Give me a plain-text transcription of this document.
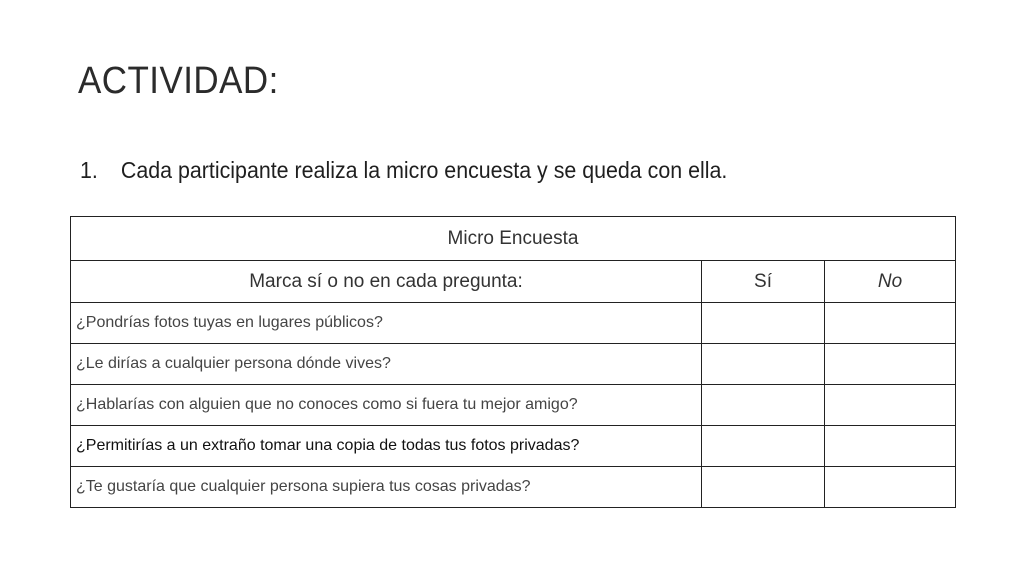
ACTIVIDAD:
1.	Cada participante realiza la micro encuesta y se queda con ella.
Micro Encuesta		
Marca sí o no en cada pregunta:	Sí	No
¿Pondrías fotos tuyas en lugares públicos?		
¿Le dirías a cualquier persona dónde vives?		
¿Hablarías con alguien que no conoces como si fuera tu mejor amigo?		
¿Permitirías a un extraño tomar una copia de todas tus fotos privadas?		
¿Te gustaría que cualquier persona supiera tus cosas privadas?		
